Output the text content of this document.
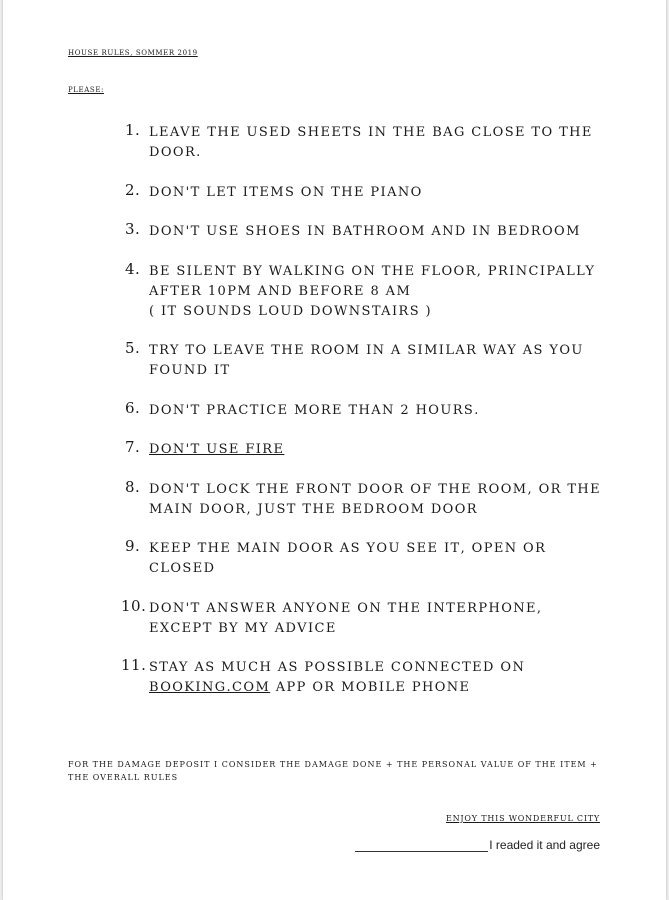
house rules, sommer 2019
please:
1. leave the used sheets in the bag close to the door.
2. don't let items on the piano
3. don't use shoes in bathroom and in bedroom
4. be silent by walking on the floor, principally after 10pm and before 8 am
( it sounds loud downstairs )
5. try to leave the room in a similar way as you found it
6. don't practice more than 2 hours.
7. don't use fire
8. don't lock the front door of the room, or the main door, just the bedroom door
9. keep the main door as you see it, open or closed
10. don't answer anyone on the interphone, except by my advice
11. stay as much as possible connected on booking.com app or mobile phone
for the damage deposit i consider the damage done + the personal value of the item + the overall rules
enjoy this wonderful city
I readed it and agree
